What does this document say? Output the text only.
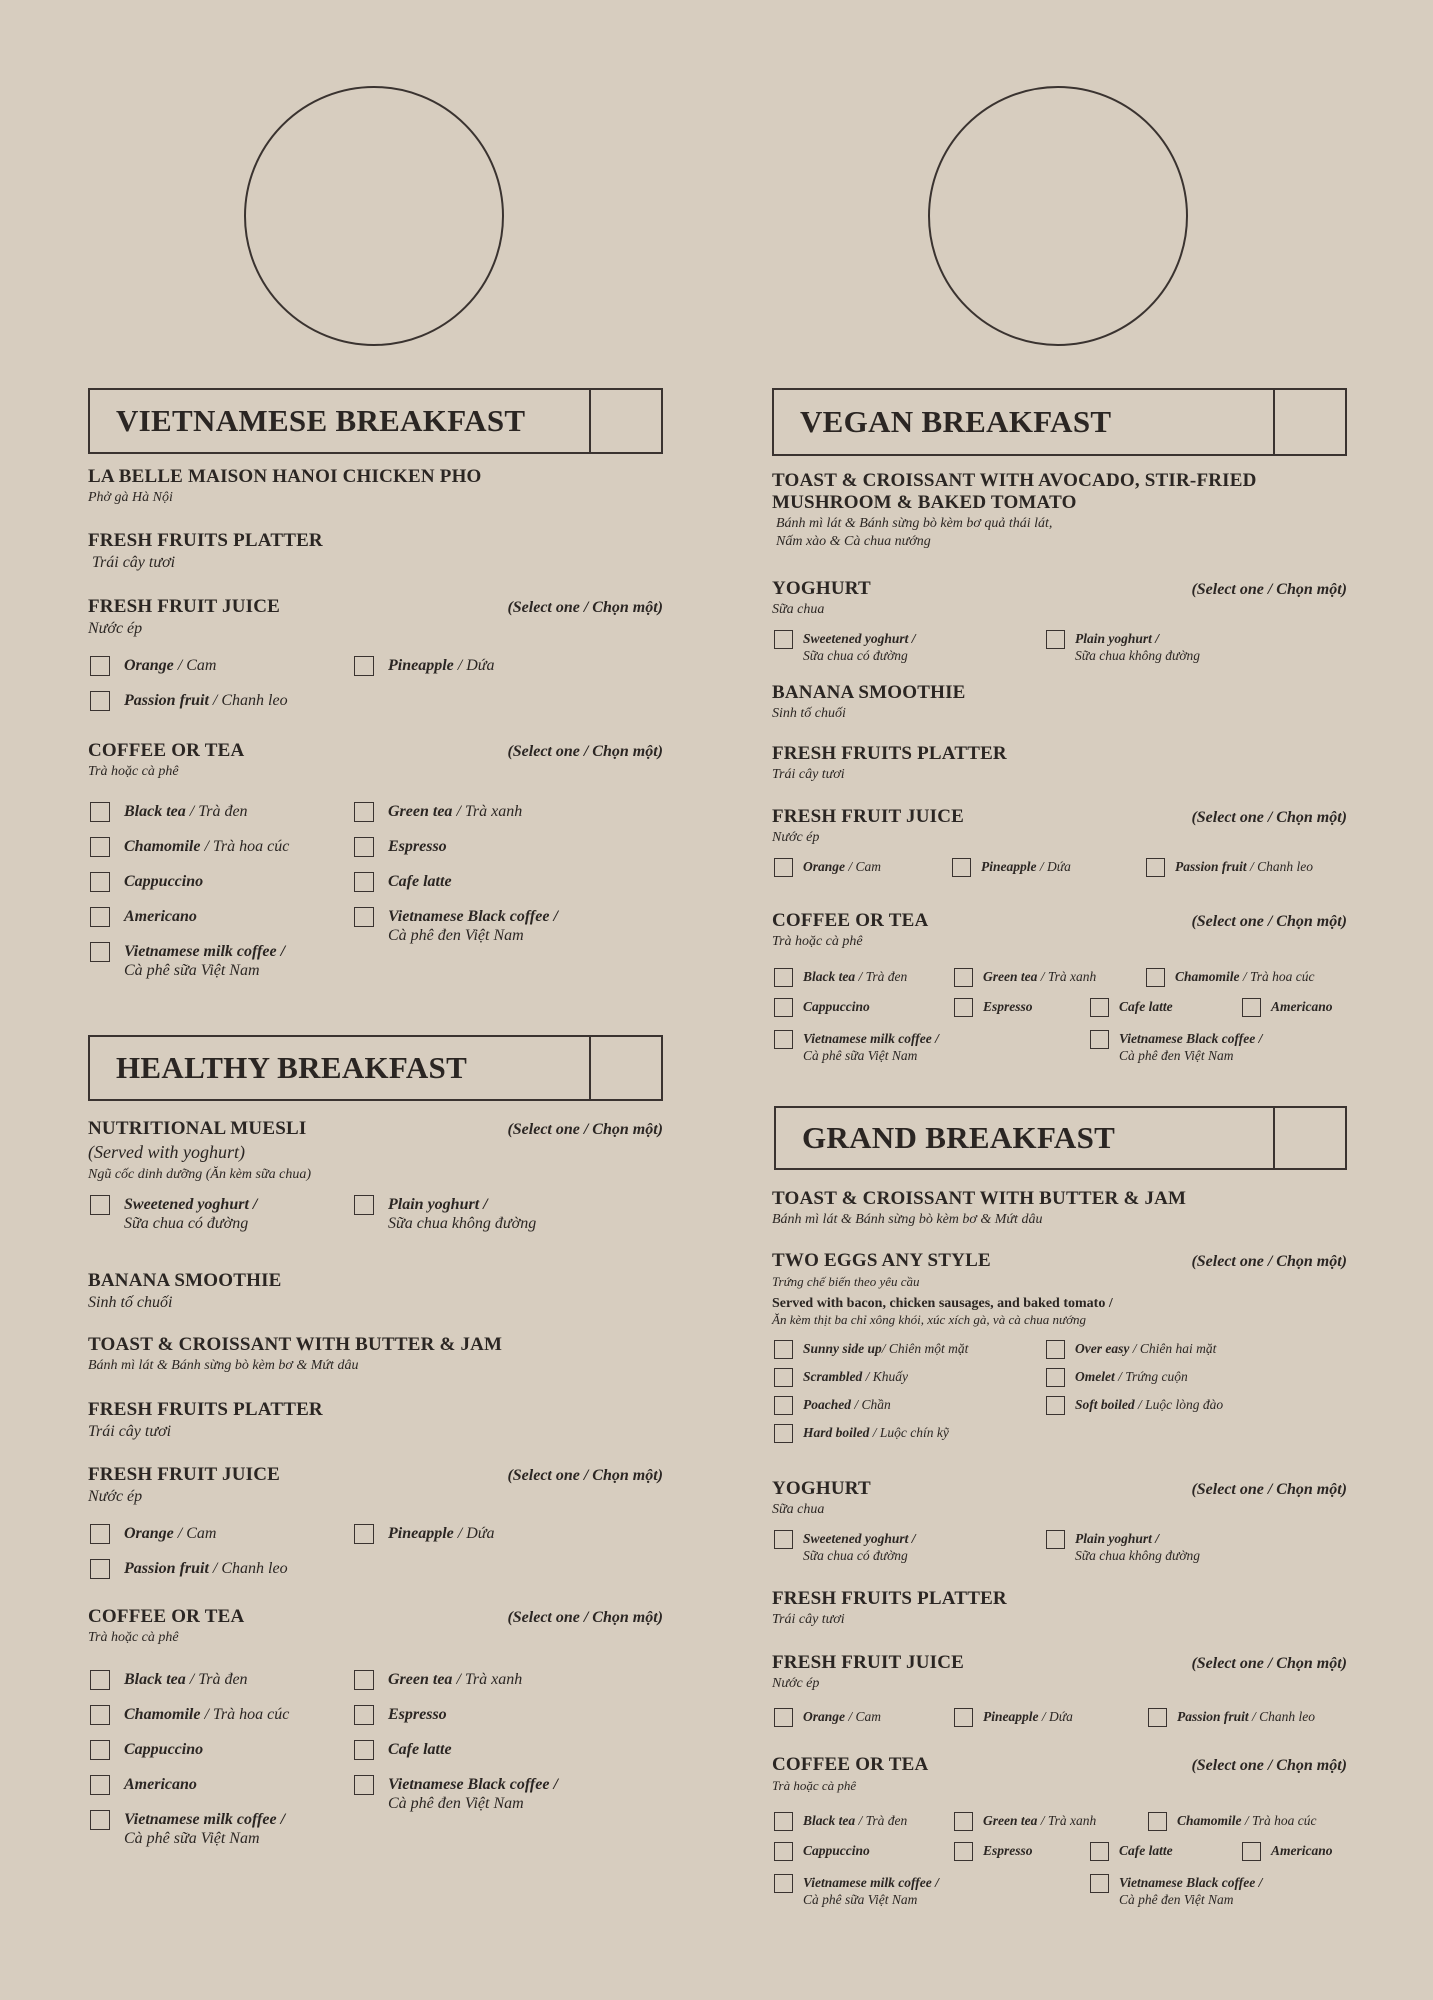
VIETNAMESE BREAKFAST
LA BELLE MAISON HANOI CHICKEN PHO
Phở gà Hà Nội
FRESH FRUITS PLATTER
Trái cây tươi
FRESH FRUIT JUICE	(Select one / Chọn một)
Nước ép
Orange / Cam	Pineapple / Dứa
Passion fruit / Chanh leo
COFFEE OR TEA	(Select one / Chọn một)
Trà hoặc cà phê
Black tea / Trà đen	Green tea / Trà xanh
Chamomile / Trà hoa cúc	Espresso
Cappuccino	Cafe latte
Americano	Vietnamese Black coffee /
Cà phê đen Việt Nam
Vietnamese milk coffee /
Cà phê sữa Việt Nam
HEALTHY BREAKFAST
NUTRITIONAL MUESLI	(Select one / Chọn một)
(Served with yoghurt)
Ngũ cốc dinh dưỡng (Ăn kèm sữa chua)
Sweetened yoghurt /
Sữa chua có đường
Plain yoghurt /
Sữa chua không đường
BANANA SMOOTHIE
Sinh tố chuối
TOAST & CROISSANT WITH BUTTER & JAM
Bánh mì lát & Bánh sừng bò kèm bơ & Mứt dâu
FRESH FRUITS PLATTER
Trái cây tươi
FRESH FRUIT JUICE	(Select one / Chọn một)
Nước ép
Orange / Cam	Pineapple / Dứa
Passion fruit / Chanh leo
COFFEE OR TEA	(Select one / Chọn một)
Trà hoặc cà phê
Black tea / Trà đen	Green tea / Trà xanh
Chamomile / Trà hoa cúc	Espresso
Cappuccino	Cafe latte
Americano	Vietnamese Black coffee /
Cà phê đen Việt Nam
Vietnamese milk coffee /
Cà phê sữa Việt Nam
VEGAN BREAKFAST
TOAST & CROISSANT WITH AVOCADO, STIR-FRIED
MUSHROOM & BAKED TOMATO
Bánh mì lát & Bánh sừng bò kèm bơ quả thái lát,
Nấm xào & Cà chua nướng
YOGHURT	(Select one / Chọn một)
Sữa chua
Sweetened yoghurt /
Sữa chua có đường
Plain yoghurt /
Sữa chua không đường
BANANA SMOOTHIE
Sinh tố chuối
FRESH FRUITS PLATTER
Trái cây tươi
FRESH FRUIT JUICE	(Select one / Chọn một)
Nước ép
Orange / Cam	Pineapple / Dứa	Passion fruit / Chanh leo
COFFEE OR TEA	(Select one / Chọn một)
Trà hoặc cà phê
Black tea / Trà đen	Green tea / Trà xanh	Chamomile / Trà hoa cúc
Cappuccino	Espresso	Cafe latte	Americano
Vietnamese milk coffee /
Cà phê sữa Việt Nam
Vietnamese Black coffee /
Cà phê đen Việt Nam
GRAND BREAKFAST
TOAST & CROISSANT WITH BUTTER & JAM
Bánh mì lát & Bánh sừng bò kèm bơ & Mứt dâu
TWO EGGS ANY STYLE	(Select one / Chọn một)
Trứng chế biến theo yêu cầu
Served with bacon, chicken sausages, and baked tomato /
Ăn kèm thịt ba chỉ xông khói, xúc xích gà, và cà chua nướng
Sunny side up/ Chiên một mặt	Over easy / Chiên hai mặt
Scrambled / Khuấy	Omelet / Trứng cuộn
Poached / Chần	Soft boiled / Luộc lòng đào
Hard boiled / Luộc chín kỹ
YOGHURT	(Select one / Chọn một)
Sữa chua
Sweetened yoghurt /
Sữa chua có đường
Plain yoghurt /
Sữa chua không đường
FRESH FRUITS PLATTER
Trái cây tươi
FRESH FRUIT JUICE	(Select one / Chọn một)
Nước ép
Orange / Cam	Pineapple / Dứa	Passion fruit / Chanh leo
COFFEE OR TEA	(Select one / Chọn một)
Trà hoặc cà phê
Black tea / Trà đen	Green tea / Trà xanh	Chamomile / Trà hoa cúc
Cappuccino	Espresso	Cafe latte	Americano
Vietnamese milk coffee /
Cà phê sữa Việt Nam
Vietnamese Black coffee /
Cà phê đen Việt Nam
